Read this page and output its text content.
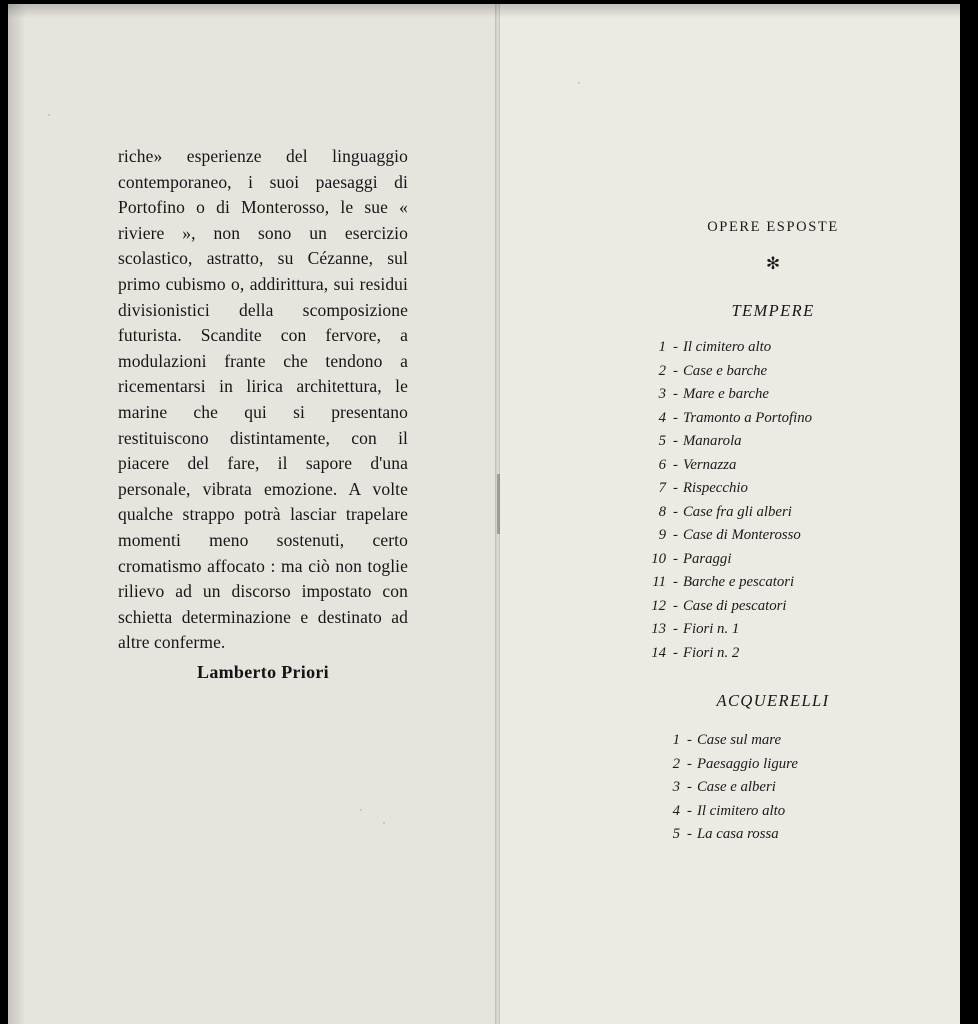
riche» esperienze del linguaggio contemporaneo, i suoi paesaggi di Portofino o di Monterosso, le sue « riviere », non sono un esercizio scolastico, astratto, su Cézanne, sul primo cubismo o, addirittura, sui residui divisionistici della scomposizione futurista. Scandite con fervore, a modulazioni frante che tendono a ricementarsi in lirica architettura, le marine che qui si presentano restituiscono distintamente, con il piacere del fare, il sapore d'una personale, vibrata emozione. A volte qualche strappo potrà lasciar trapelare momenti meno sostenuti, certo cromatismo affocato : ma ciò non toglie rilievo ad un discorso impostato con schietta determinazione e destinato ad altre conferme.

Lamberto Priori
OPERE ESPOSTE
✻
TEMPERE
1 - Il cimitero alto
2 - Case e barche
3 - Mare e barche
4 - Tramonto a Portofino
5 - Manarola
6 - Vernazza
7 - Rispecchio
8 - Case fra gli alberi
9 - Case di Monterosso
10 - Paraggi
11 - Barche e pescatori
12 - Case di pescatori
13 - Fiori n. 1
14 - Fiori n. 2
ACQUERELLI
1 - Case sul mare
2 - Paesaggio ligure
3 - Case e alberi
4 - Il cimitero alto
5 - La casa rossa
